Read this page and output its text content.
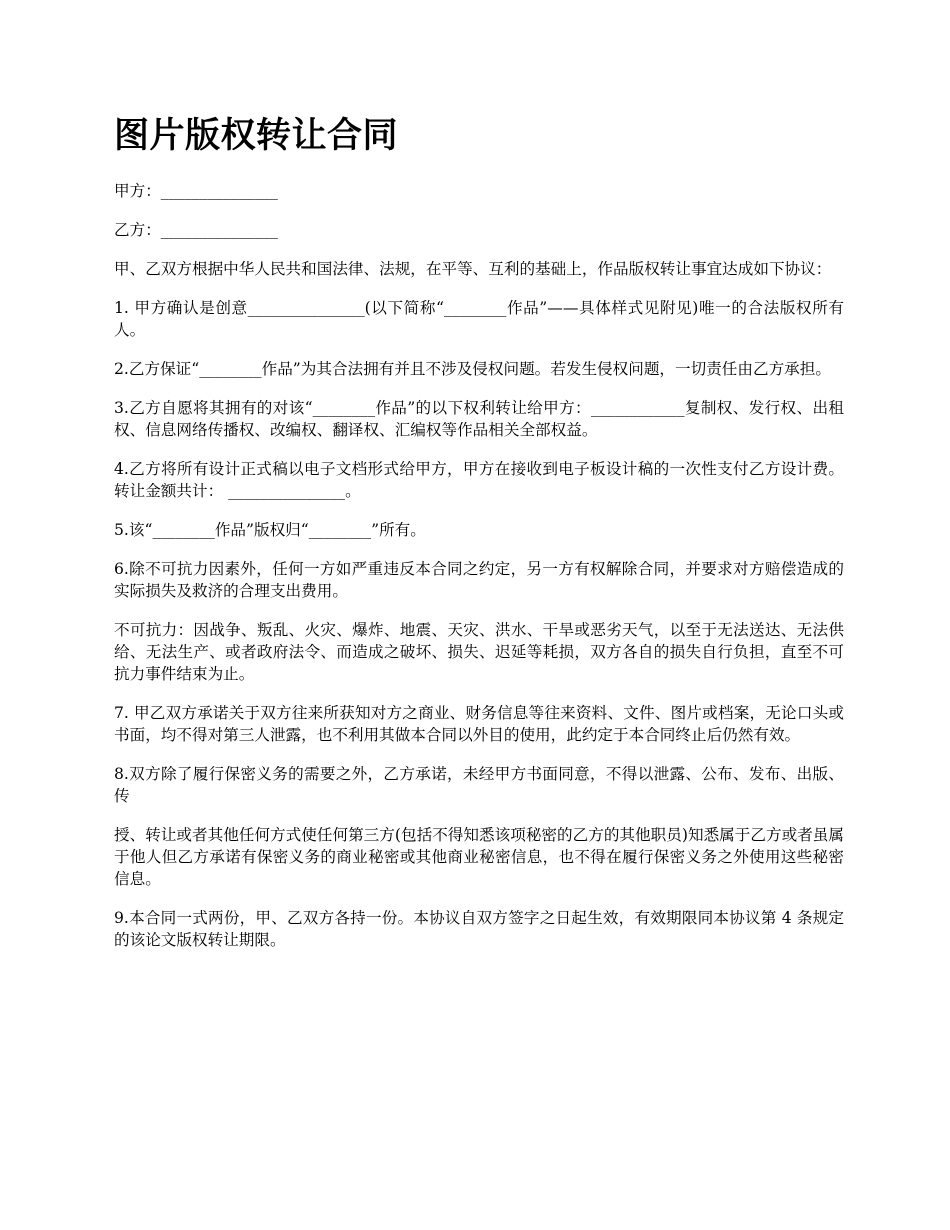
图片版权转让合同

甲方：_______________

乙方：_______________

甲、乙双方根据中华人民共和国法律、法规，在平等、互利的基础上，作品版权转让事宜达成如下协议：

1. 甲方确认是创意_______________(以下简称“________作品”——具体样式见附见)唯一的合法版权所有人。

2.乙方保证“________作品”为其合法拥有并且不涉及侵权问题。若发生侵权问题，一切责任由乙方承担。

3.乙方自愿将其拥有的对该“________作品”的以下权利转让给甲方：____________复制权、发行权、出租权、信息网络传播权、改编权、翻译权、汇编权等作品相关全部权益。

4.乙方将所有设计正式稿以电子文档形式给甲方，甲方在接收到电子板设计稿的一次性支付乙方设计费。转让金额共计： _______________。

5.该“________作品”版权归“________”所有。

6.除不可抗力因素外，任何一方如严重违反本合同之约定，另一方有权解除合同，并要求对方赔偿造成的实际损失及救济的合理支出费用。

不可抗力：因战争、叛乱、火灾、爆炸、地震、天灾、洪水、干旱或恶劣天气，以至于无法送达、无法供给、无法生产、或者政府法令、而造成之破坏、损失、迟延等耗损，双方各自的损失自行负担，直至不可抗力事件结束为止。

7. 甲乙双方承诺关于双方往来所获知对方之商业、财务信息等往来资料、文件、图片或档案，无论口头或书面，均不得对第三人泄露，也不利用其做本合同以外目的使用，此约定于本合同终止后仍然有效。

8.双方除了履行保密义务的需要之外，乙方承诺，未经甲方书面同意，不得以泄露、公布、发布、出版、传

授、转让或者其他任何方式使任何第三方(包括不得知悉该项秘密的乙方的其他职员)知悉属于乙方或者虽属于他人但乙方承诺有保密义务的商业秘密或其他商业秘密信息，也不得在履行保密义务之外使用这些秘密信息。

9.本合同一式两份，甲、乙双方各持一份。本协议自双方签字之日起生效，有效期限同本协议第 4 条规定的该论文版权转让期限。
